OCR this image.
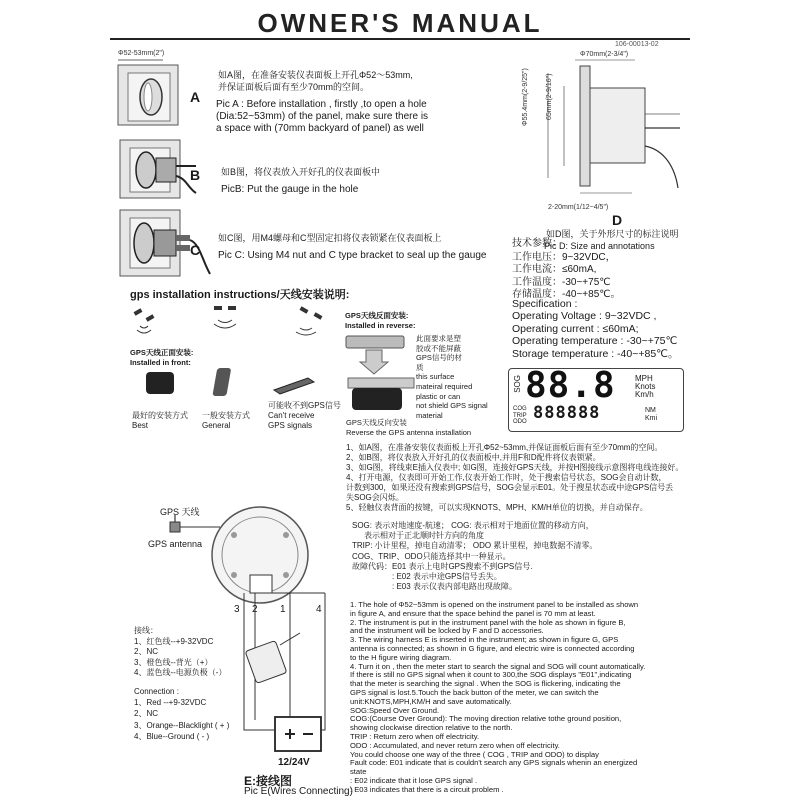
OWNER'S MANUAL
106-00013-02
Φ52-53mm(2")
A
如A图，在准备安装仪表面板上开孔Φ52～53mm,
并保证面板后面有至少70mm的空间。
Pic A : Before installation , firstly ,to open a hole
(Dia:52~53mm) of the panel, make sure there is
a space with (70mm backyard of panel) as well
B 如B图，将仪表放入开好孔的仪表面板中
PicB: Put the gauge in the hole
C
如C图，用M4螺母和C型固定扣将仪表锁紧在仪表面板上
Pic C: Using M4 nut and C type bracket to seal up the gauge
Φ70mm(2-3/4")
Φ55.4mm(2-9/25") 65mm(2-9/16")
2-20mm(1/12~4/5")
D
如D图，关于外形尺寸的标注说明
Pic D: Size and annotations
技术参数：
工作电压：9~32VDC，
工作电流：≤60mA,
工作温度：-30~+75℃
存储温度：-40~+85℃。
Specification :
Operating Voltage : 9~32VDC ,
Operating current : ≤60mA;
Operating temperature : -30~+75℃
Storage temperature : -40~+85℃。
SOG 88.8 MPH
Knots
Km/h
COG
TRIP
ODO 888888	NM
Kmi
gps installation instructions/天线安装说明:
GPS天线正面安装:
Installed in front:
最好的安装方式
Best
一般安装方式
General
可能收不到GPS信号
Can't receive
GPS signals
GPS天线反面安装:
Installed in reverse:
此面要求是塑
胶或不能屏蔽
GPS信号的材
质
this surface
mateiral required
plastic or can
not shield GPS signal
material
GPS天线反向安装
Reverse the GPS antenna installation
1、如A图，在准备安装仪表面板上开孔Φ52~53mm,并保证面板后面有至少70mm的空间。
2、如B图，将仪表放入开好孔的仪表面板中,并用F和D配件将仪表锁紧。
3、如G图，将线束E插入仪表中; 如G图，连接好GPS天线，并按H图接线示意图将电线连接好。
4、打开电源，仪表即可开始工作,仪表开始工作时，处于搜索信号状态，SOG会自动计数，
计数到300，如果还没有搜索到GPS信号，SOG会显示E01。处于搜星状态或中途GPS信号丢
失SOG会闪烁。
5、轻触仪表背面的按键，可以实现KNOTS、MPH、KM/H单位的切换，并自动保存。
SOG: 表示对地速度-航速； COG: 表示相对于地面位置的移动方向，
表示相对于正北顺时针方向的角度
TRIP: 小计里程，掉电自动清零； ODO 累计里程，掉电数据不清零。
COG、TRIP、ODO只能选择其中一种显示。
故障代码：E01 表示上电时GPS搜索不到GPS信号.
: E02 表示中途GPS信号丢失。
: E03 表示仪表内部电路出现故障。
GPS 天线
GPS antenna
3 2 1	4
接线：
1、红色线--+9-32VDC
2、NC
3、橙色线--背光（+）
4、蓝色线--电源负极（-）
Connection :
1、Red --+9-32VDC
2、NC
3、Orange--Blacklight ( + )
4、Blue--Ground ( - )
12/24V
E:接线图
Pic E(Wires Connecting)
1. The hole of Φ52~53mm is opened on the instrument panel to be installed as shown
in figure A, and ensure that the space behind the panel is 70 mm at least.
2. The instrument is put in the instrument panel with the hole as shown in figure B,
and the instrument will be locked by F and D accessories.
3. The wiring harness E is inserted in the instrument; as shown in figure G, GPS
antenna is connected; as shown in G figure, and electric wire is connected according
to the H figure wiring diagram.
4. Turn it on , then the meter start to search the signal and SOG will count automatically.
If there is still no GPS signal when it count to 300,the SOG displays "E01",indicating
that the meter is searching the signal . When the SOG is flickering, indicating the
GPS signal is lost.5.Touch the back button of the meter, we can switch the
unit:KNOTS,MPH,KM/H and save automatically.
SOG:Speed Over Ground.
COG:(Course Over Ground): The moving direction relative tothe ground position,
showing clockwise direction relative to the north.
TRIP : Return zero when off electricity.
ODO : Accumulated, and never return zero when off electricity.
You could choose one way of the three ( COG , TRIP and ODO) to display
Fault code: E01 indicate that is couldn't search any GPS signals whenin an energized
state
: E02 indicate that it lose GPS signal .
: E03 indicates that there is a circuit problem .
